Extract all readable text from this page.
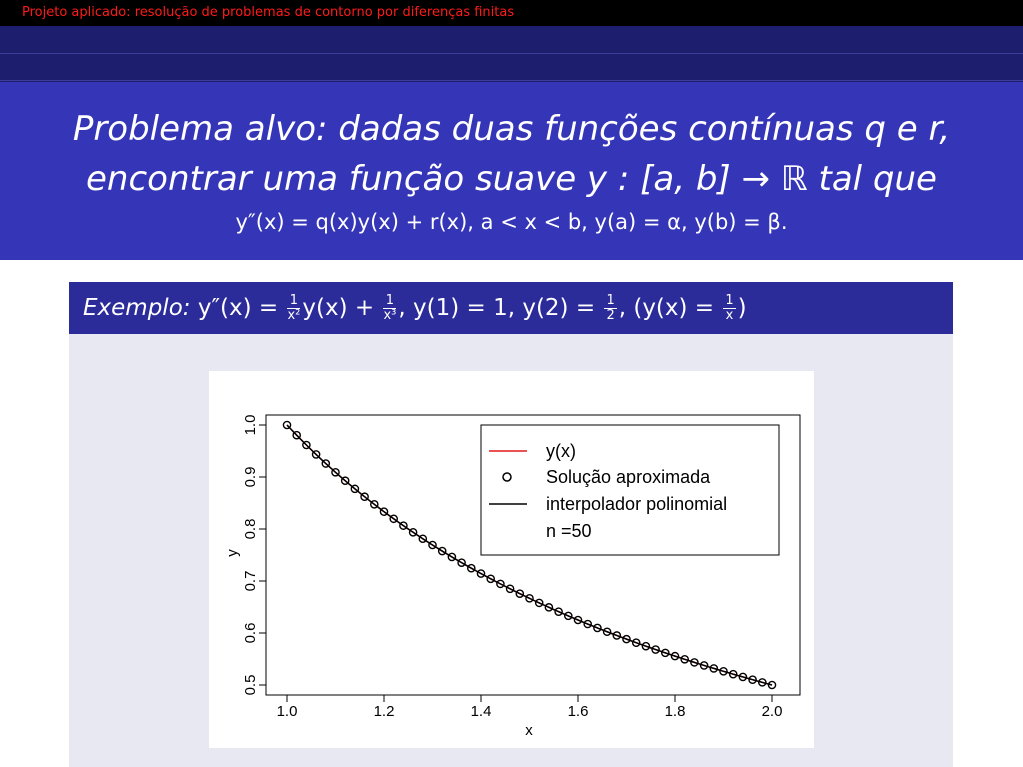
Projeto aplicado: resolução de problemas de contorno por diferenças finitas
Problema alvo: dadas duas funções contínuas q e r,
encontrar uma função suave y : [a, b] → ℝ tal que
y″(x) = q(x)y(x) + r(x), a < x < b, y(a) = α, y(b) = β.
Exemplo: $y''(x) = \frac{1}{\text{x²}} y(x) + \frac{1}{\text{x³}}$ , y(1) = 1, $y(2) = \frac{1}{2}$ , ($y(x) = \frac{1}{x}$ )
1.0	1.2	1.4	1.6	1.8	2.0
0.5
0.6
0.7
0.8
0.9
1.0
x
y
y(x)
Solução aproximada
interpolador polinomial
n =50
